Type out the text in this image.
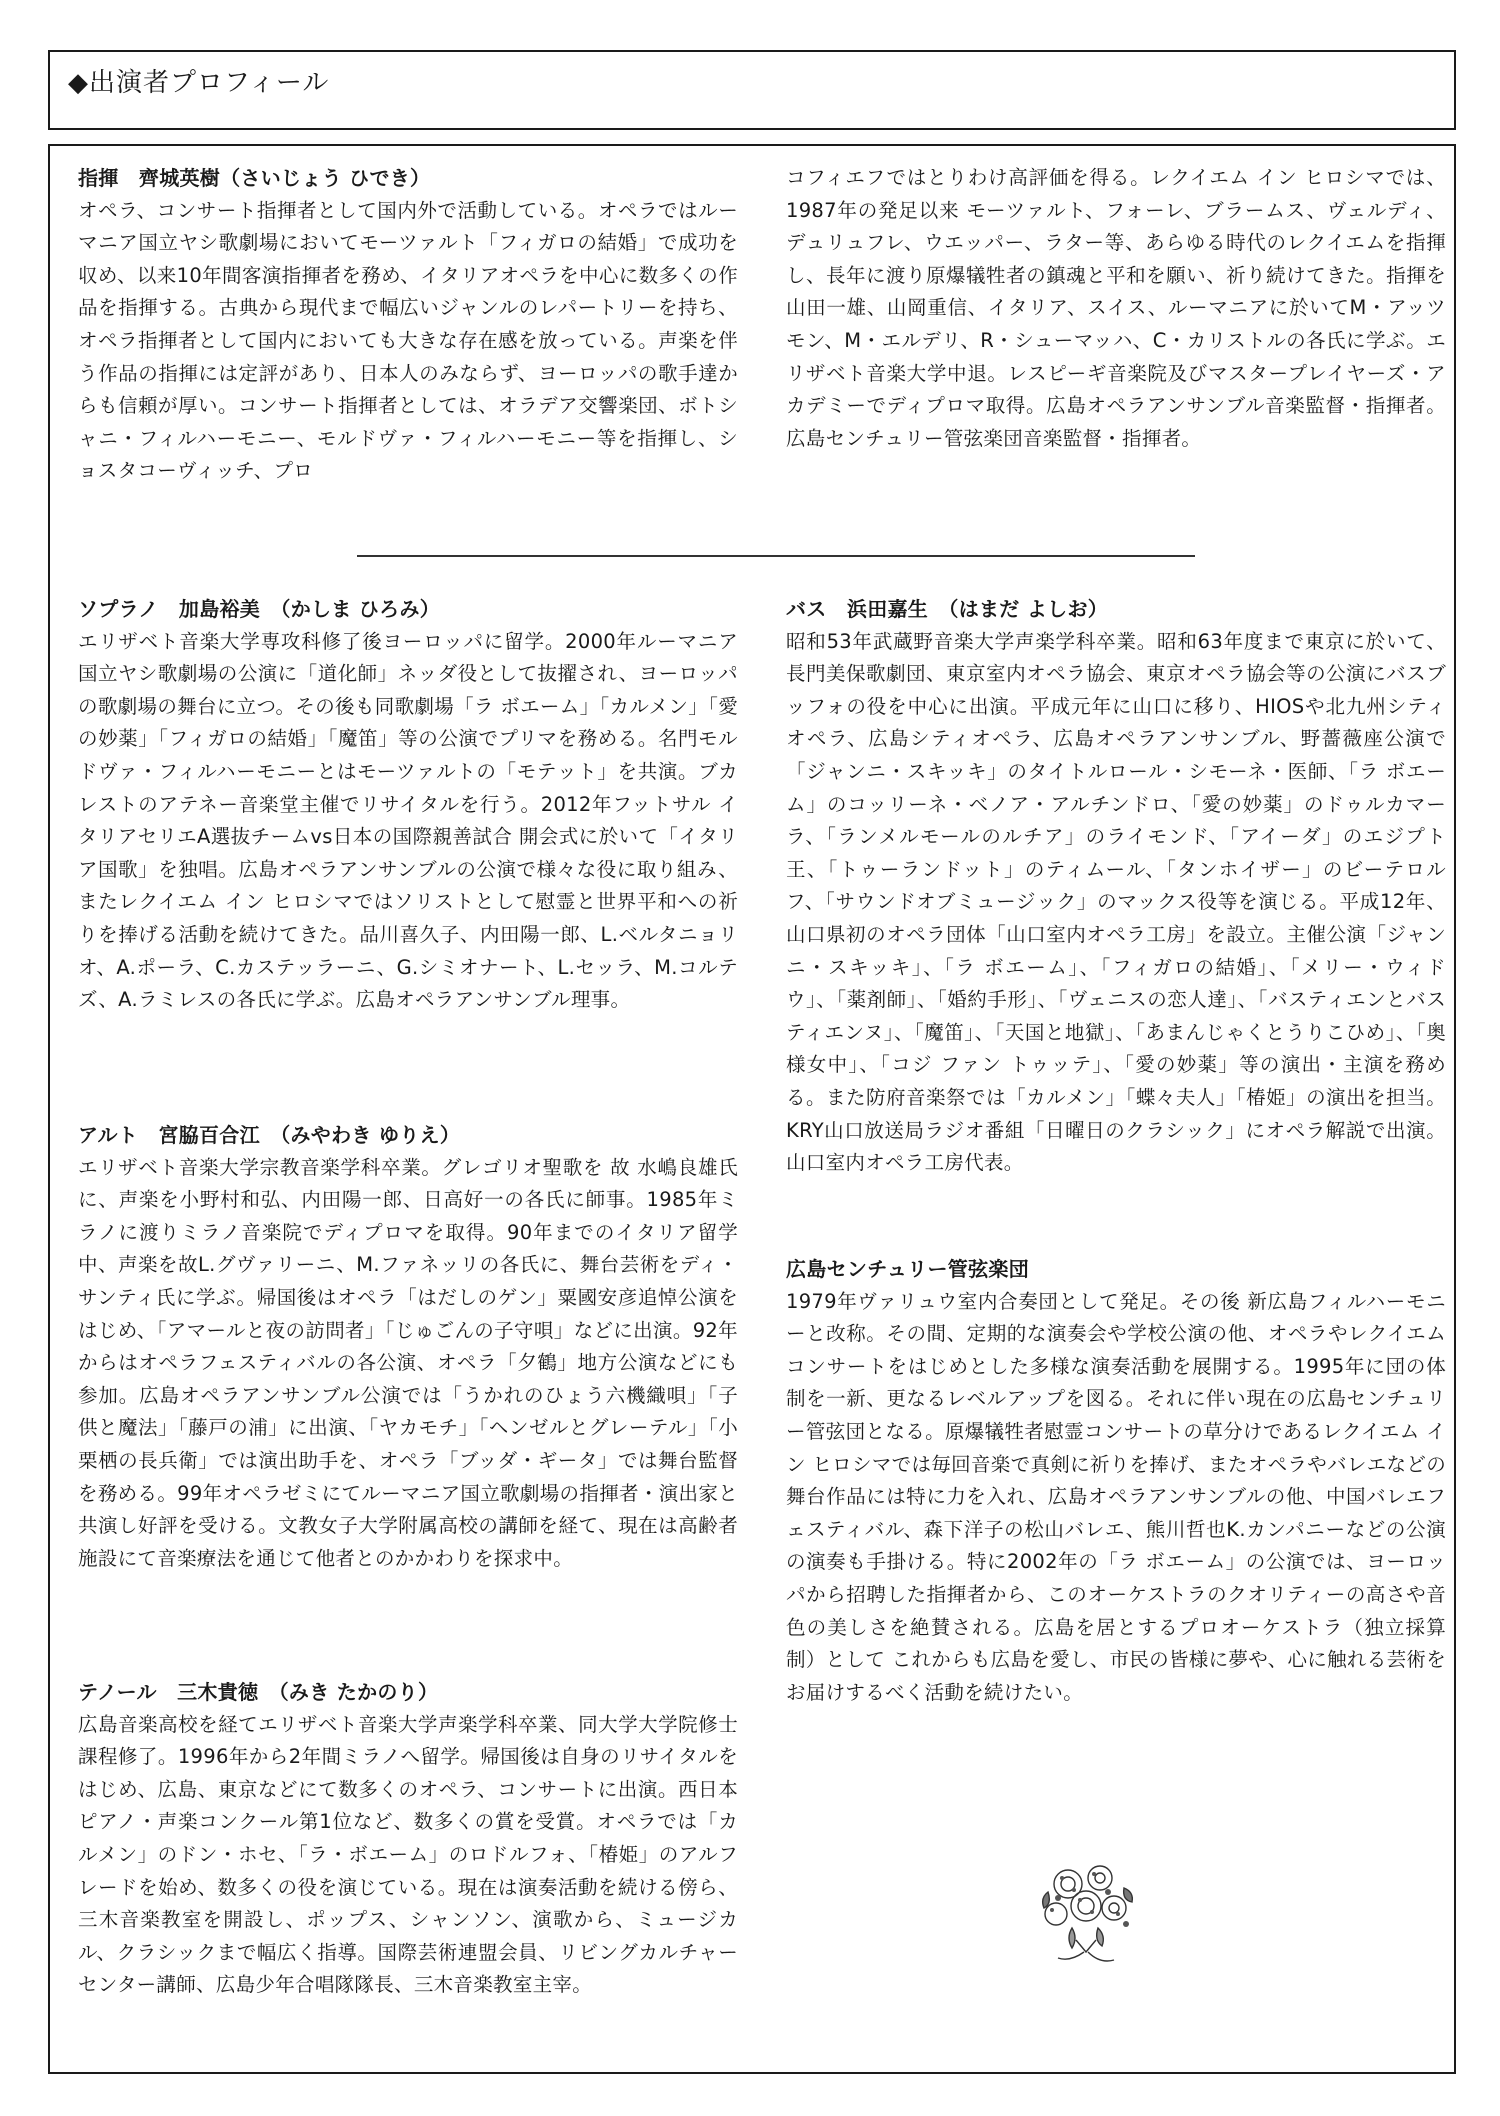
◆出演者プロフィール

指揮　齊城英樹（さいじょう ひでき）

オペラ、コンサート指揮者として国内外で活動している。オペラではルーマニア国立ヤシ歌劇場においてモーツァルト「フィガロの結婚」で成功を収め、以来10年間客演指揮者を務め、イタリアオペラを中心に数多くの作品を指揮する。古典から現代まで幅広いジャンルのレパートリーを持ち、オペラ指揮者として国内においても大きな存在感を放っている。声楽を伴う作品の指揮には定評があり、日本人のみならず、ヨーロッパの歌手達からも信頼が厚い。コンサート指揮者としては、オラデア交響楽団、ボトシャニ・フィルハーモニー、モルドヴァ・フィルハーモニー等を指揮し、ショスタコーヴィッチ、プロ

コフィエフではとりわけ高評価を得る。レクイエム イン ヒロシマでは、1987年の発足以来 モーツァルト、フォーレ、ブラームス、ヴェルディ、デュリュフレ、ウエッパー、ラター等、あらゆる時代のレクイエムを指揮し、長年に渡り原爆犠牲者の鎮魂と平和を願い、祈り続けてきた。指揮を山田一雄、山岡重信、イタリア、スイス、ルーマニアに於いてM・アッツモン、M・エルデリ、R・シューマッハ、C・カリストルの各氏に学ぶ。エリザベト音楽大学中退。レスピーギ音楽院及びマスタープレイヤーズ・アカデミーでディプロマ取得。広島オペラアンサンブル音楽監督・指揮者。広島センチュリー管弦楽団音楽監督・指揮者。

ソプラノ　加島裕美　（かしま ひろみ）

エリザベト音楽大学専攻科修了後ヨーロッパに留学。2000年ルーマニア国立ヤシ歌劇場の公演に「道化師」ネッダ役として抜擢され、ヨーロッパの歌劇場の舞台に立つ。その後も同歌劇場「ラ ボエーム」「カルメン」「愛の妙薬」「フィガロの結婚」「魔笛」等の公演でプリマを務める。名門モルドヴァ・フィルハーモニーとはモーツァルトの「モテット」を共演。ブカレストのアテネー音楽堂主催でリサイタルを行う。2012年フットサル イタリアセリエA選抜チームvs日本の国際親善試合 開会式に於いて「イタリア国歌」を独唱。広島オペラアンサンブルの公演で様々な役に取り組み、またレクイエム イン ヒロシマではソリストとして慰霊と世界平和への祈りを捧げる活動を続けてきた。品川喜久子、内田陽一郎、L.ベルタニョリオ、A.ポーラ、C.カステッラーニ、G.シミオナート、L.セッラ、M.コルテズ、A.ラミレスの各氏に学ぶ。広島オペラアンサンブル理事。

アルト　宮脇百合江　（みやわき ゆりえ）

エリザベト音楽大学宗教音楽学科卒業。グレゴリオ聖歌を 故 水嶋良雄氏に、声楽を小野村和弘、内田陽一郎、日高好一の各氏に師事。1985年ミラノに渡りミラノ音楽院でディプロマを取得。90年までのイタリア留学中、声楽を故L.グヴァリーニ、M.ファネッリの各氏に、舞台芸術をディ・サンティ氏に学ぶ。帰国後はオペラ「はだしのゲン」粟國安彦追悼公演をはじめ、「アマールと夜の訪問者」「じゅごんの子守唄」などに出演。92年からはオペラフェスティバルの各公演、オペラ「夕鶴」地方公演などにも参加。広島オペラアンサンブル公演では「うかれのひょう六機織唄」「子供と魔法」「藤戸の浦」に出演、「ヤカモチ」「ヘンゼルとグレーテル」「小栗栖の長兵衛」では演出助手を、オペラ「ブッダ・ギータ」では舞台監督を務める。99年オペラゼミにてルーマニア国立歌劇場の指揮者・演出家と共演し好評を受ける。文教女子大学附属高校の講師を経て、現在は高齢者施設にて音楽療法を通じて他者とのかかわりを探求中。

テノール　三木貴徳　（みき たかのり）

広島音楽高校を経てエリザベト音楽大学声楽学科卒業、同大学大学院修士課程修了。1996年から2年間ミラノへ留学。帰国後は自身のリサイタルをはじめ、広島、東京などにて数多くのオペラ、コンサートに出演。西日本ピアノ・声楽コンクール第1位など、数多くの賞を受賞。オペラでは「カルメン」のドン・ホセ、「ラ・ボエーム」のロドルフォ、「椿姫」のアルフレードを始め、数多くの役を演じている。現在は演奏活動を続ける傍ら、三木音楽教室を開設し、ポップス、シャンソン、演歌から、ミュージカル、クラシックまで幅広く指導。国際芸術連盟会員、リビングカルチャーセンター講師、広島少年合唱隊隊長、三木音楽教室主宰。

バス　浜田嘉生　（はまだ よしお）

昭和53年武蔵野音楽大学声楽学科卒業。昭和63年度まで東京に於いて、長門美保歌劇団、東京室内オペラ協会、東京オペラ協会等の公演にバスブッフォの役を中心に出演。平成元年に山口に移り、HIOSや北九州シティオペラ、広島シティオペラ、広島オペラアンサンブル、野薔薇座公演で「ジャンニ・スキッキ」のタイトルロール・シモーネ・医師、「ラ ボエーム」のコッリーネ・ベノア・アルチンドロ、「愛の妙薬」のドゥルカマーラ、「ランメルモールのルチア」のライモンド、「アイーダ」のエジプト王、「トゥーランドット」のティムール、「タンホイザー」のビーテロルフ、「サウンドオブミュージック」のマックス役等を演じる。平成12年、山口県初のオペラ団体「山口室内オペラ工房」を設立。主催公演「ジャンニ・スキッキ」、「ラ ボエーム」、「フィガロの結婚」、「メリー・ウィドウ」、「薬剤師」、「婚約手形」、「ヴェニスの恋人達」、「バスティエンとバスティエンヌ」、「魔笛」、「天国と地獄」、「あまんじゃくとうりこひめ」、「奥様女中」、「コジ ファン トゥッテ」、「愛の妙薬」等の演出・主演を務める。また防府音楽祭では「カルメン」「蝶々夫人」「椿姫」の演出を担当。KRY山口放送局ラジオ番組「日曜日のクラシック」にオペラ解説で出演。山口室内オペラ工房代表。

広島センチュリー管弦楽団

1979年ヴァリュウ室内合奏団として発足。その後 新広島フィルハーモニーと改称。その間、定期的な演奏会や学校公演の他、オペラやレクイエムコンサートをはじめとした多様な演奏活動を展開する。1995年に団の体制を一新、更なるレベルアップを図る。それに伴い現在の広島センチュリー管弦団となる。原爆犠牲者慰霊コンサートの草分けであるレクイエム イン ヒロシマでは毎回音楽で真剣に祈りを捧げ、またオペラやバレエなどの舞台作品には特に力を入れ、広島オペラアンサンブルの他、中国バレエフェスティバル、森下洋子の松山バレエ、熊川哲也K.カンパニーなどの公演の演奏も手掛ける。特に2002年の「ラ ボエーム」の公演では、ヨーロッパから招聘した指揮者から、このオーケストラのクオリティーの高さや音色の美しさを絶賛される。広島を居とするプロオーケストラ（独立採算制）として これからも広島を愛し、市民の皆様に夢や、心に触れる芸術をお届けするべく活動を続けたい。
